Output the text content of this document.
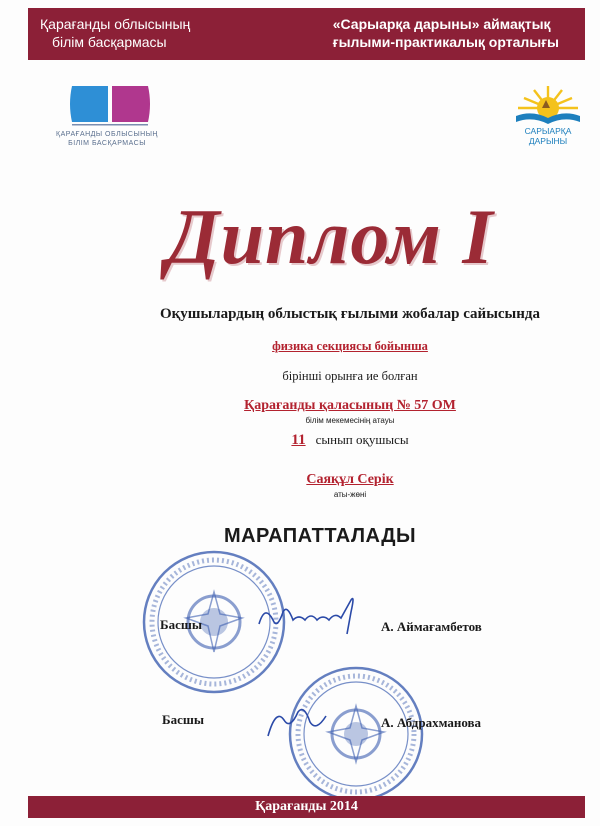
Қарағанды облысының
білім басқармасы
«Сарыарқа дарыны» аймақтық
ғылыми-практикалық орталығы
ҚАРАҒАНДЫ ОБЛЫСЫНЫҢ
БІЛІМ БАСҚАРМАСЫ
САРЫАРҚА ДАРЫНЫ
Диплом I
Оқушылардың облыстық ғылыми жобалар сайысында
физика секциясы бойынша
бірінші орынға ие болған
Қарағанды қаласының № 57 ОМ
білім мекемесінің атауы
11 сынып оқушысы
Саяқұл Серік
аты-жөні
МАРАПАТТАЛАДЫ
Басшы	А. Аймағамбетов
Басшы	А. Абдрахманова
Қарағанды 2014
